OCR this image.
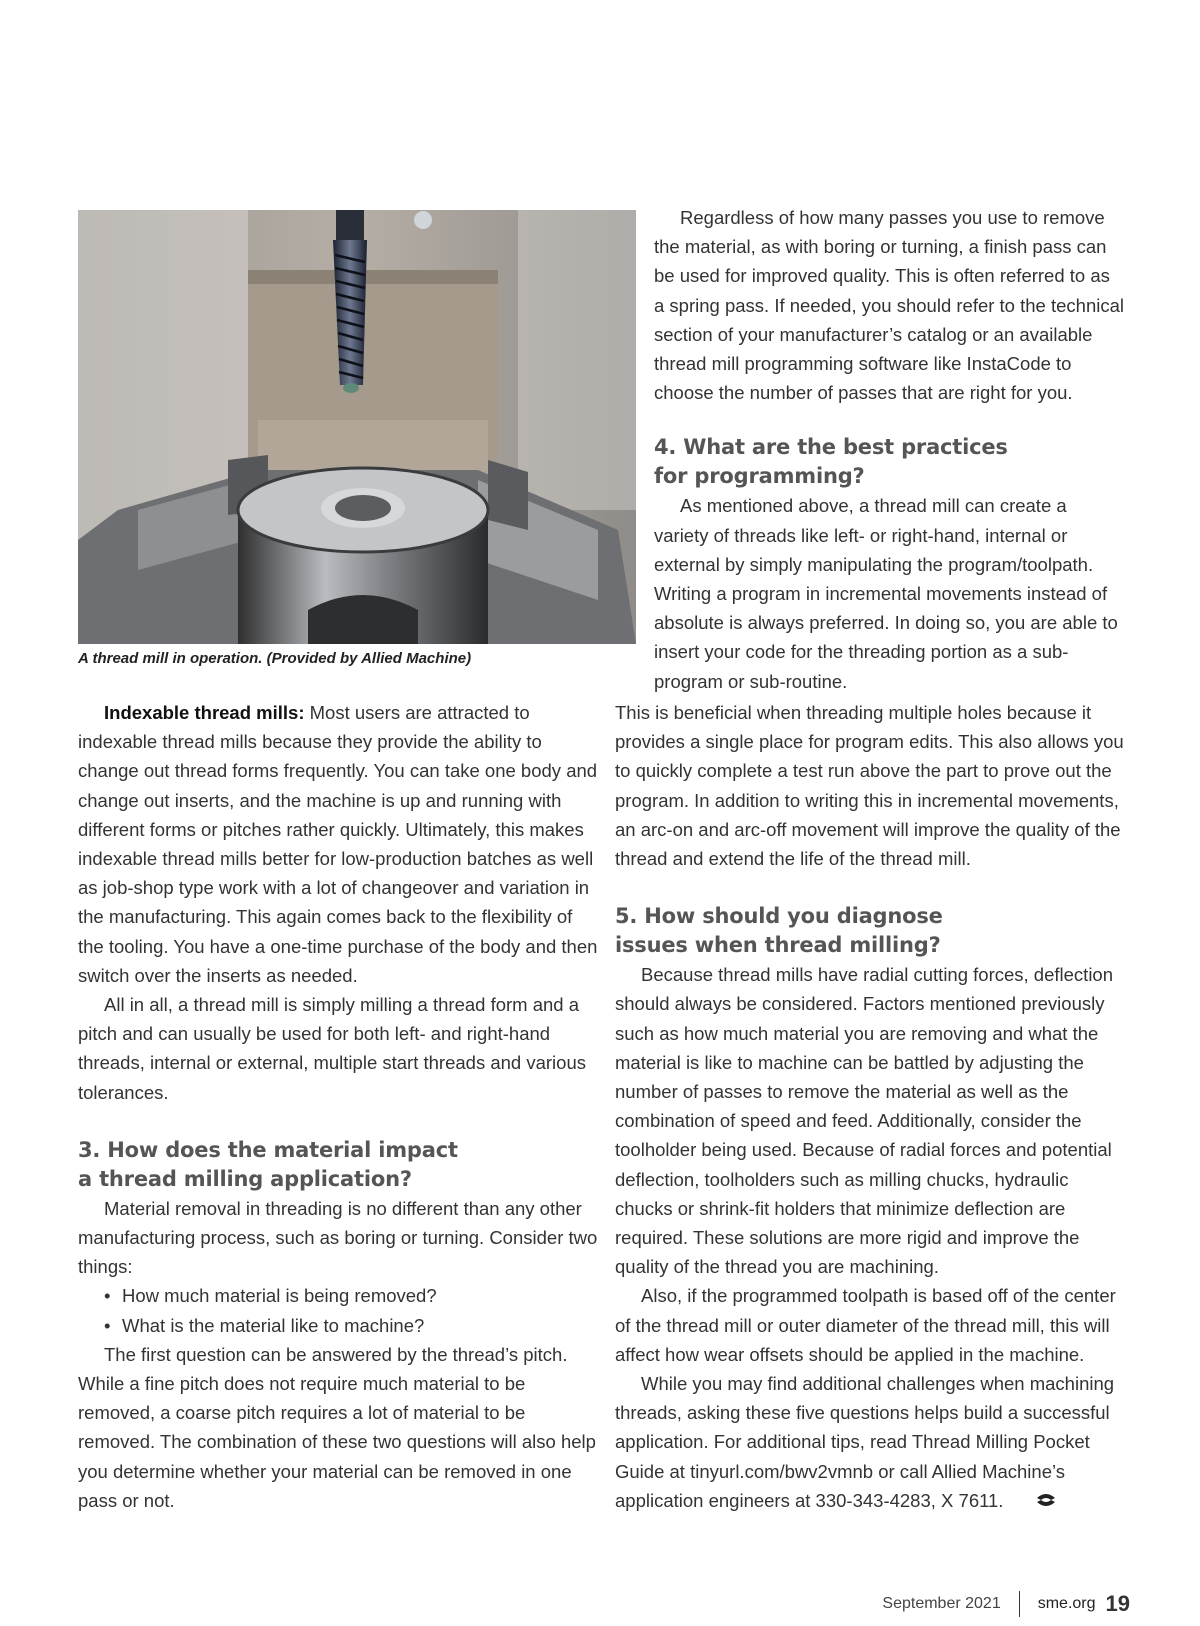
A thread mill in operation. (Provided by Allied Machine)

Indexable thread mills: Most users are attracted to indexable thread mills because they provide the ability to change out thread forms frequently. You can take one body and change out inserts, and the machine is up and running with different forms or pitches rather quickly. Ultimately, this makes indexable thread mills better for low-production batches as well as job-shop type work with a lot of changeover and variation in the manufacturing. This again comes back to the flexibility of the tooling. You have a one-time purchase of the body and then switch over the inserts as needed.

All in all, a thread mill is simply milling a thread form and a pitch and can usually be used for both left- and right-hand threads, internal or external, multiple start threads and various tolerances.

3. How does the material impact
a thread milling application?

Material removal in threading is no different than any other manufacturing process, such as boring or turning. Consider two things:

• How much material is being removed?
• What is the material like to machine?

The first question can be answered by the thread’s pitch. While a fine pitch does not require much material to be removed, a coarse pitch requires a lot of material to be removed. The combination of these two questions will also help you determine whether your material can be removed in one pass or not.

Regardless of how many passes you use to remove the material, as with boring or turning, a finish pass can be used for improved quality. This is often referred to as a spring pass. If needed, you should refer to the technical section of your manufacturer’s catalog or an available thread mill programming software like InstaCode to choose the number of passes that are right for you.

4. What are the best practices
for programming?

As mentioned above, a thread mill can create a variety of threads like left- or right-hand, internal or external by simply manipulating the program/toolpath. Writing a program in incremental movements instead of absolute is always preferred. In doing so, you are able to insert your code for the threading portion as a sub-program or sub-routine.

This is beneficial when threading multiple holes because it provides a single place for program edits. This also allows you to quickly complete a test run above the part to prove out the program. In addition to writing this in incremental movements, an arc-on and arc-off movement will improve the quality of the thread and extend the life of the thread mill.

5. How should you diagnose
issues when thread milling?

Because thread mills have radial cutting forces, deflection should always be considered. Factors mentioned previously such as how much material you are removing and what the material is like to machine can be battled by adjusting the number of passes to remove the material as well as the combination of speed and feed. Additionally, consider the toolholder being used. Because of radial forces and potential deflection, toolholders such as milling chucks, hydraulic chucks or shrink-fit holders that minimize deflection are required. These solutions are more rigid and improve the quality of the thread you are machining.

Also, if the programmed toolpath is based off of the center of the thread mill or outer diameter of the thread mill, this will affect how wear offsets should be applied in the machine.

While you may find additional challenges when machining threads, asking these five questions helps build a successful application. For additional tips, read Thread Milling Pocket Guide at tinyurl.com/bwv2vmnb or call Allied Machine’s application engineers at 330-343-4283, X 7611.

September 2021 sme.org 19
